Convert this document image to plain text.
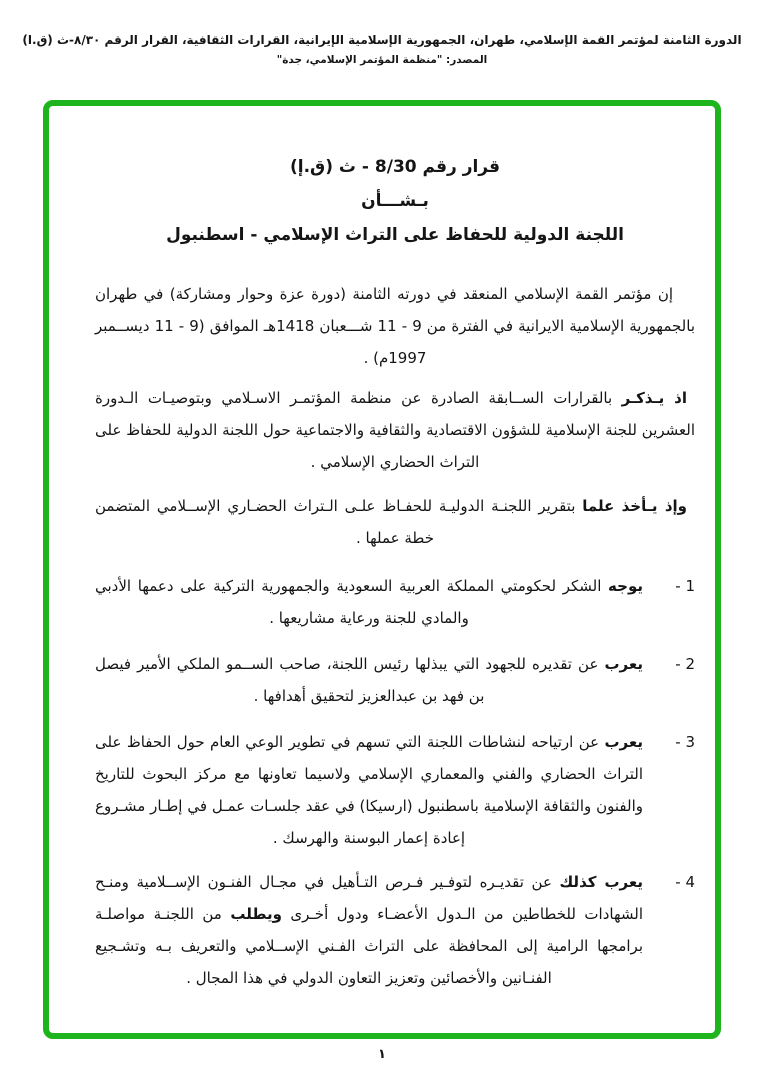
الدورة الثامنة لمؤتمر القمة الإسلامي، طهران، الجمهورية الإسلامية الإيرانية، القرارات الثقافية، القرار الرقم ٨/٣٠-ث (ق.ا)
المصدر: "منظمة المؤتمر الإسلامي، جدة"
قرار رقم 8/30 - ث (ق.إ)
بـشـــأن
اللجنة الدولية للحفاظ على التراث الإسلامي - اسطنبول

إن مؤتمر القمة الإسلامي المنعقد في دورته الثامنة (دورة عزة وحوار ومشاركة) في طهران بالجمهورية الإسلامية الايرانية في الفترة من 9 - 11 شـــعبان 1418هـ الموافق (9 - 11 ديســمبر 1997م) .

اذ يـذكـر بالقرارات الســابقة الصادرة عن منظمة المؤتمـر الاسـلامي وبتوصيـات الـدورة العشرين للجنة الإسلامية للشؤون الاقتصادية والثقافية والاجتماعية حول اللجنة الدولية للحفاظ على التراث الحضاري الإسلامي .

وإذ يـأخذ علما بتقرير اللجنـة الدوليـة للحفـاظ علـى الـتراث الحضـاري الإســلامي المتضمن خطة عملها .

1 -
يوجه الشكر لحكومتي المملكة العربية السعودية والجمهورية التركية على دعمها الأدبي والمادي للجنة ورعاية مشاريعها .
2 -
يعرب عن تقديره للجهود التي يبذلها رئيس اللجنة، صاحب الســمو الملكي الأمير فيصل بن فهد بن عبدالعزيز لتحقيق أهدافها .
3 -
يعرب عن ارتياحه لنشاطات اللجنة التي تسهم في تطوير الوعي العام حول الحفاظ على التراث الحضاري والفني والمعماري الإسلامي ولاسيما تعاونها مع مركز البحوث للتاريخ والفنون والثقافة الإسلامية باسطنبول (ارسيكا) في عقد جلسـات عمـل في إطـار مشـروع إعادة إعمار البوسنة والهرسك .
4 -
يعرب كذلك عن تقديـره لتوفـير فـرص التـأهيل في مجـال الفنـون الإســلامية ومنـح الشهادات للخطاطين من الـدول الأعضـاء ودول أخـرى ويطلب من اللجنـة مواصلـة برامجها الرامية إلى المحافظة على التراث الفـني الإســلامي والتعريف بـه وتشـجيع الفنـانين والأخصائين وتعزيز التعاون الدولي في هذا المجال .
١
